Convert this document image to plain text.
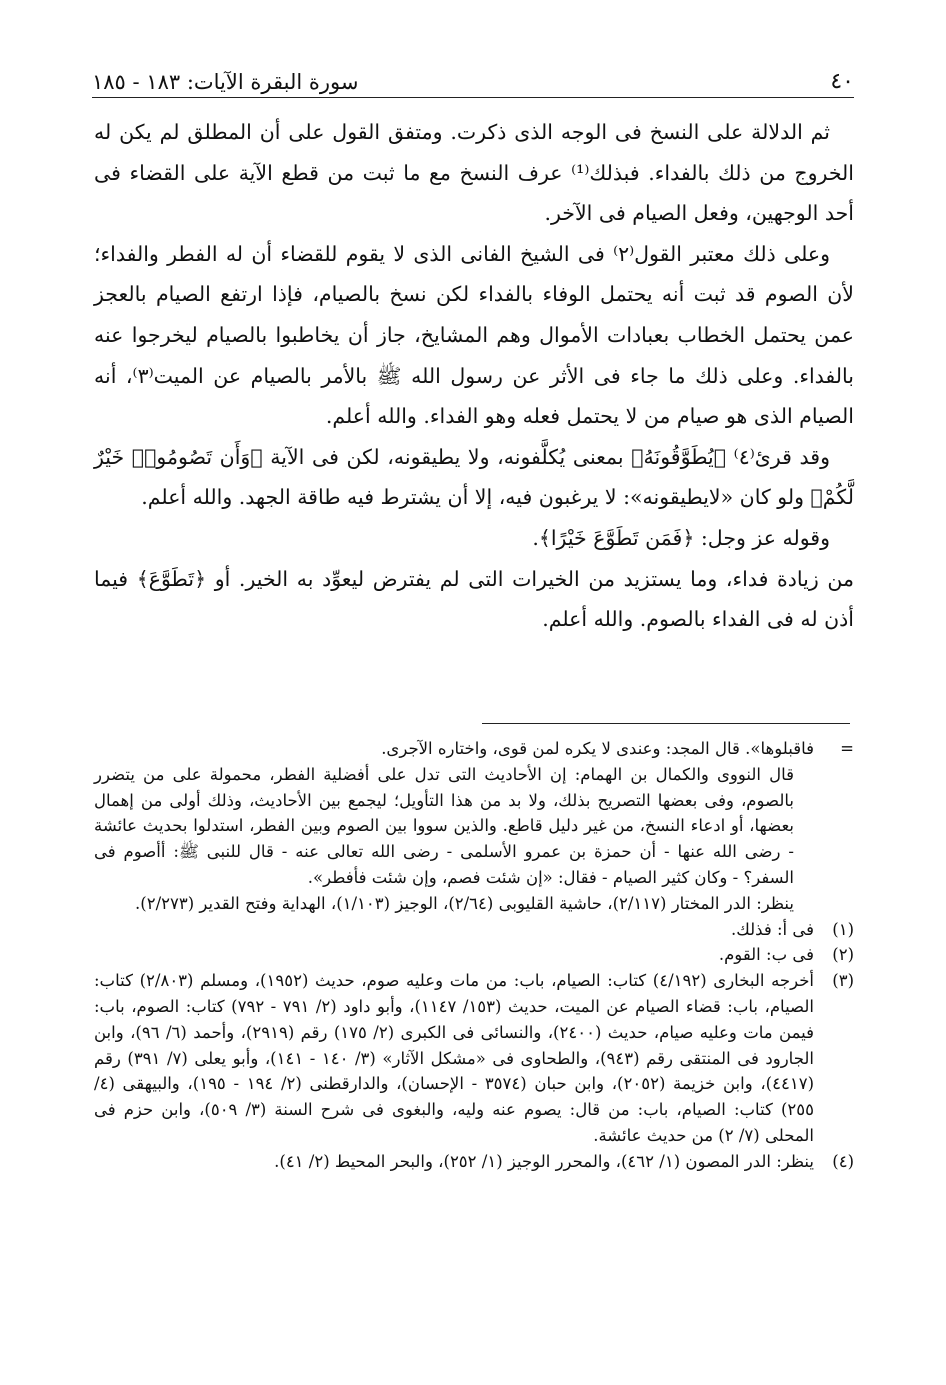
٤٠
سورة البقرة الآيات: ١٨٣ - ١٨٥

ثم الدلالة على النسخ فى الوجه الذى ذكرت. ومتفق القول على أن المطلق لم يكن له الخروج من ذلك بالفداء. فبذلك⁽¹⁾ عرف النسخ مع ما ثبت من قطع الآية على القضاء فى أحد الوجهين، وفعل الصيام فى الآخر.

وعلى ذلك معتبر القول⁽٢⁾ فى الشيخ الفانى الذى لا يقوم للقضاء أن له الفطر والفداء؛ لأن الصوم قد ثبت أنه يحتمل الوفاء بالفداء لكن نسخ بالصيام، فإذا ارتفع الصيام بالعجز عمن يحتمل الخطاب بعبادات الأموال وهم المشايخ، جاز أن يخاطبوا بالصيام ليخرجوا عنه بالفداء. وعلى ذلك ما جاء فى الأثر عن رسول الله ﷺ بالأمر بالصيام عن الميت⁽٣⁾، أنه الصيام الذى هو صيام من لا يحتمل فعله وهو الفداء. والله أعلم.

وقد قرئ⁽٤⁾ ﴿يُطَوَّقُونَهُ﴾ بمعنى يُكلَّفونه، ولا يطيقونه، لكن فى الآية ﴿وَأَن تَصُومُوا۟ خَيْرٌ لَّكُمْ﴾ ولو كان «لايطيقونه»: لا يرغبون فيه، إلا أن يشترط فيه طاقة الجهد. والله أعلم.

وقوله عز وجل: ﴿فَمَن تَطَوَّعَ خَيْرًا﴾.

من زيادة فداء، وما يستزيد من الخيرات التى لم يفترض ليعوِّد به الخير. أو ﴿تَطَوَّعَ﴾ فيما أذن له فى الفداء بالصوم. والله أعلم.

=
فاقبلوها». قال المجد: وعندى لا يكره لمن قوى، واختاره الآجرى.
قال النووى والكمال بن الهمام: إن الأحاديث التى تدل على أفضلية الفطر، محمولة على من يتضرر بالصوم، وفى بعضها التصريح بذلك، ولا بد من هذا التأويل؛ ليجمع بين الأحاديث، وذلك أولى من إهمال بعضها، أو ادعاء النسخ، من غير دليل قاطع. والذين سووا بين الصوم وبين الفطر، استدلوا بحديث عائشة - رضى الله عنها - أن حمزة بن عمرو الأسلمى - رضى الله تعالى عنه - قال للنبى ﷺ: أأصوم فى السفر؟ - وكان كثير الصيام - فقال: «إن شئت فصم، وإن شئت فأفطر».
ينظر: الدر المختار (٢/١١٧)، حاشية القليوبى (٢/٦٤)، الوجيز (١/١٠٣)، الهداية وفتح القدير (٢/٢٧٣).
(١)
فى أ: فذلك.
(٢)
فى ب: القوم.
(٣)
أخرجه البخارى (٤/١٩٢) كتاب: الصيام، باب: من مات وعليه صوم، حديث (١٩٥٢)، ومسلم (٢/٨٠٣) كتاب: الصيام، باب: قضاء الصيام عن الميت، حديث (١٥٣/ ١١٤٧)، وأبو داود (٢/ ٧٩١ - ٧٩٢) كتاب: الصوم، باب: فيمن مات وعليه صيام، حديث (٢٤٠٠)، والنسائى فى الكبرى (٢/ ١٧٥) رقم (٢٩١٩)، وأحمد (٦/ ٩٦)، وابن الجارود فى المنتقى رقم (٩٤٣)، والطحاوى فى «مشكل الآثار» (٣/ ١٤٠ - ١٤١)، وأبو يعلى (٧/ ٣٩١) رقم (٤٤١٧)، وابن خزيمة (٢٠٥٢)، وابن حبان (٣٥٧٤ - الإحسان)، والدارقطنى (٢/ ١٩٤ - ١٩٥)، والبيهقى (٤/ ٢٥٥) كتاب: الصيام، باب: من قال: يصوم عنه وليه، والبغوى فى شرح السنة (٣/ ٥٠٩)، وابن حزم فى المحلى (٧/ ٢) من حديث عائشة.
(٤)
ينظر: الدر المصون (١/ ٤٦٢)، والمحرر الوجيز (١/ ٢٥٢)، والبحر المحيط (٢/ ٤١).
